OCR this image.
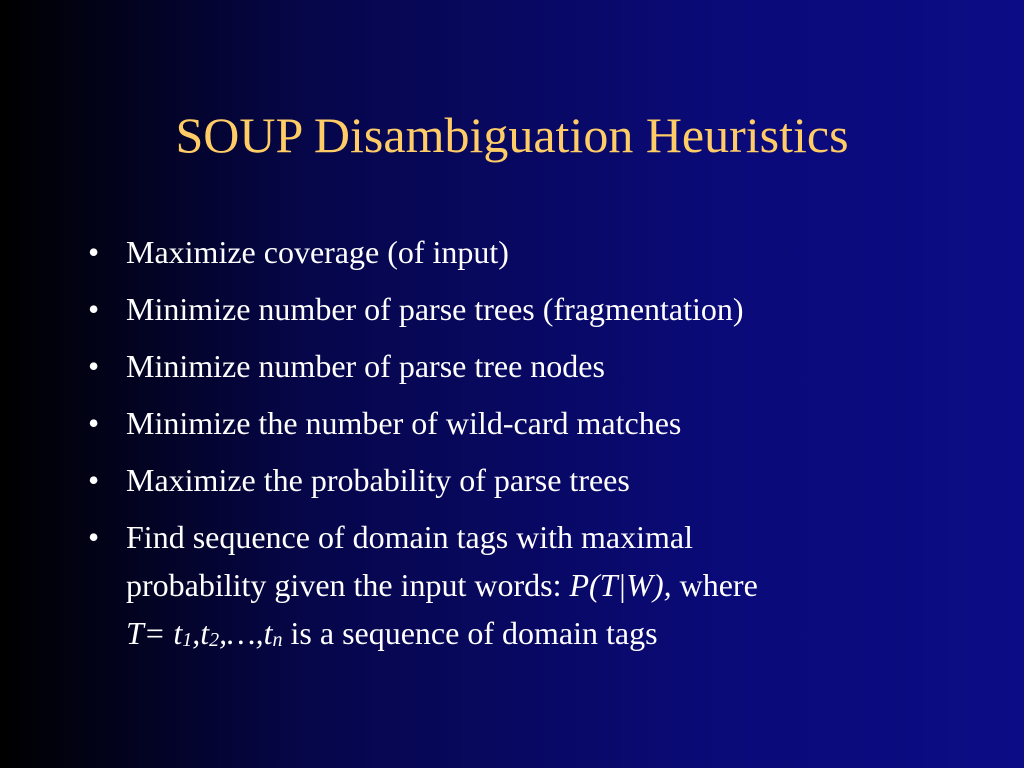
SOUP Disambiguation Heuristics
• Maximize coverage (of input)
• Minimize number of parse trees (fragmentation)
• Minimize number of parse tree nodes
• Minimize the number of wild-card matches
• Maximize the probability of parse trees
• Find sequence of domain tags with maximal
probability given the input words: P(T|W), where
T= t1,t2,…,tn is a sequence of domain tags
